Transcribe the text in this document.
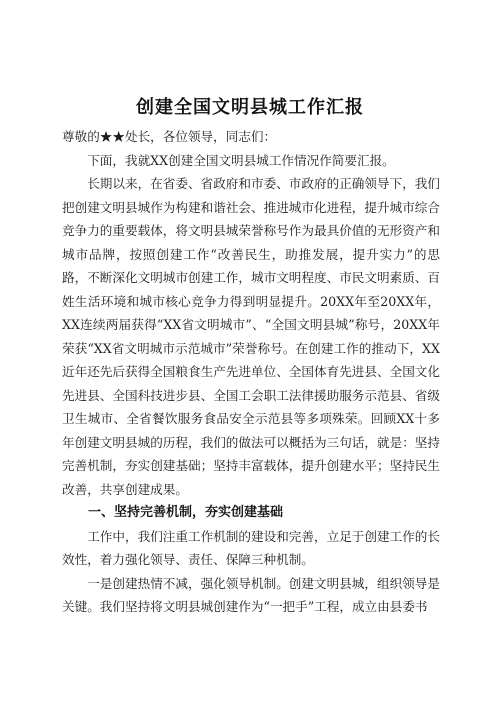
创建全国文明县城工作汇报

尊敬的★★处长，各位领导，同志们：

下面，我就XX创建全国文明县城工作情况作简要汇报。

长期以来，在省委、省政府和市委、市政府的正确领导下，我们把创建文明县城作为构建和谐社会、推进城市化进程，提升城市综合竞争力的重要载体，将文明县城荣誉称号作为最具价值的无形资产和城市品牌，按照创建工作“改善民生，助推发展，提升实力”的思路，不断深化文明城市创建工作，城市文明程度、市民文明素质、百姓生活环境和城市核心竞争力得到明显提升。20XX年至20XX年，XX连续两届获得“XX省文明城市”、“全国文明县城”称号，20XX年荣获“XX省文明城市示范城市”荣誉称号。在创建工作的推动下，XX近年还先后获得全国粮食生产先进单位、全国体育先进县、全国文化先进县、全国科技进步县、全国工会职工法律援助服务示范县、省级卫生城市、全省餐饮服务食品安全示范县等多项殊荣。回顾XX十多年创建文明县城的历程，我们的做法可以概括为三句话，就是：坚持完善机制，夯实创建基础；坚持丰富载体，提升创建水平；坚持民生改善，共享创建成果。

一、坚持完善机制，夯实创建基础

工作中，我们注重工作机制的建设和完善，立足于创建工作的长效性，着力强化领导、责任、保障三种机制。

一是创建热情不减，强化领导机制。创建文明县城，组织领导是关键。我们坚持将文明县城创建作为“一把手”工程，成立由县委书
